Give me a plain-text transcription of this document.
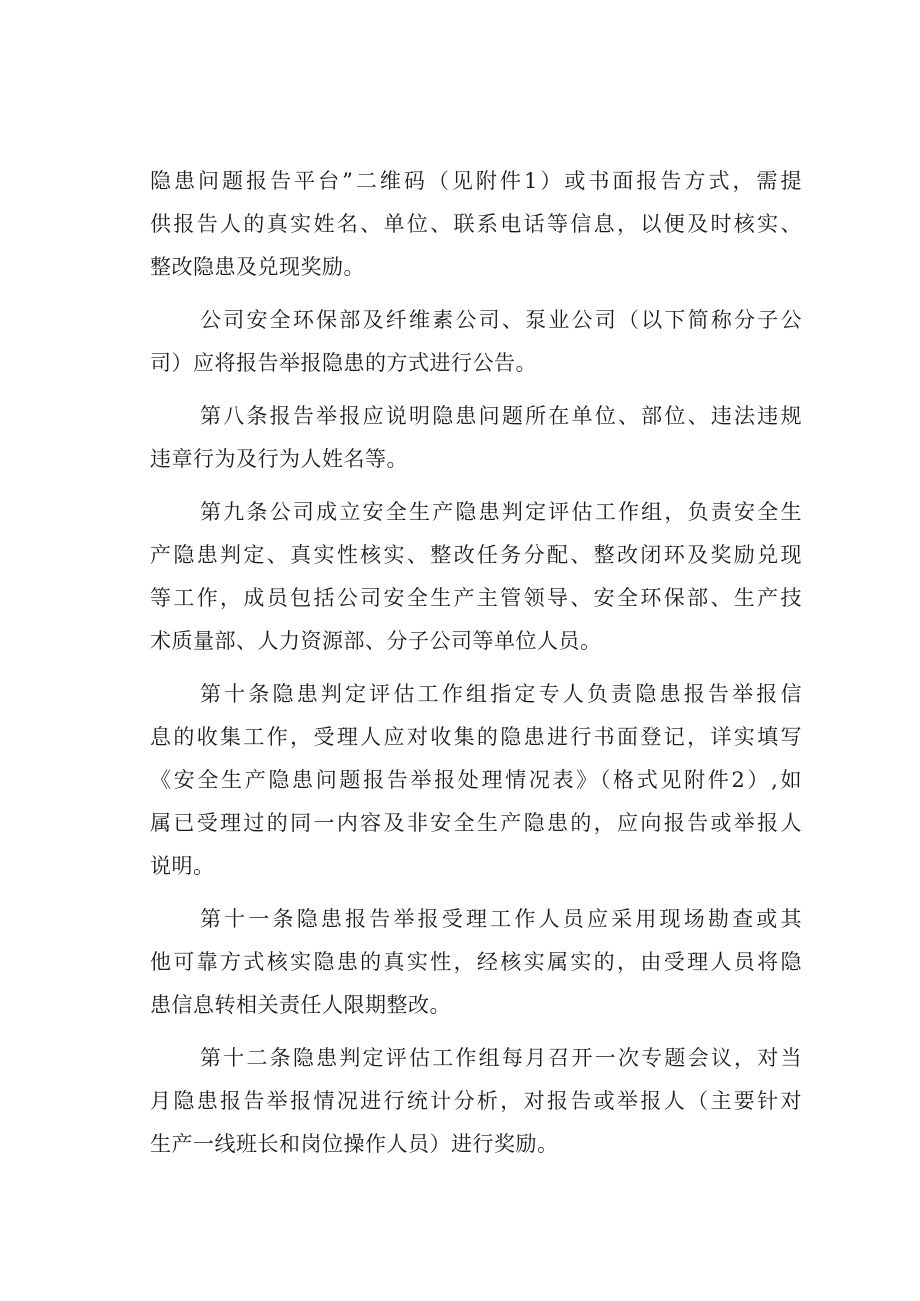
隐患问题报告平台”二维码（见附件1）或书面报告方式，需提
供报告人的真实姓名、单位、联系电话等信息，以便及时核实、
整改隐患及兑现奖励。
公司安全环保部及纤维素公司、泵业公司（以下简称分子公
司）应将报告举报隐患的方式进行公告。
第八条报告举报应说明隐患问题所在单位、部位、违法违规
违章行为及行为人姓名等。
第九条公司成立安全生产隐患判定评估工作组，负责安全生
产隐患判定、真实性核实、整改任务分配、整改闭环及奖励兑现
等工作，成员包括公司安全生产主管领导、安全环保部、生产技
术质量部、人力资源部、分子公司等单位人员。
第十条隐患判定评估工作组指定专人负责隐患报告举报信
息的收集工作，受理人应对收集的隐患进行书面登记，详实填写
《安全生产隐患问题报告举报处理情况表》（格式见附件2）,如
属已受理过的同一内容及非安全生产隐患的，应向报告或举报人
说明。
第十一条隐患报告举报受理工作人员应采用现场勘查或其
他可靠方式核实隐患的真实性，经核实属实的，由受理人员将隐
患信息转相关责任人限期整改。
第十二条隐患判定评估工作组每月召开一次专题会议，对当
月隐患报告举报情况进行统计分析，对报告或举报人（主要针对
生产一线班长和岗位操作人员）进行奖励。
